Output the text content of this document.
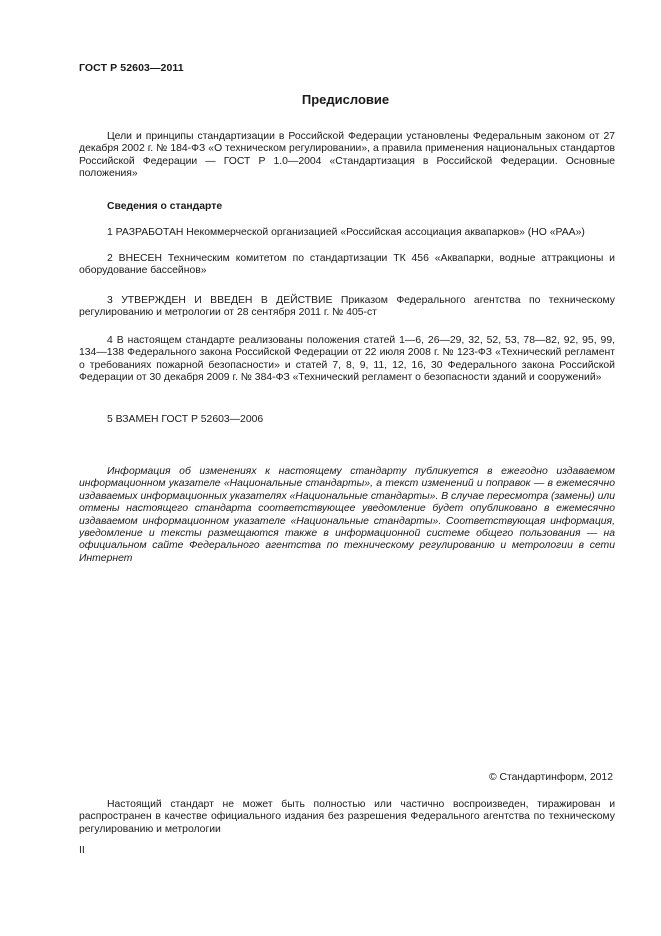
ГОСТ Р 52603—2011
Предисловие

Цели и принципы стандартизации в Российской Федерации установлены Федеральным законом от 27 декабря 2002 г. № 184-ФЗ «О техническом регулировании», а правила применения национальных стандартов Российской Федерации — ГОСТ Р 1.0—2004 «Стандартизация в Российской Федерации. Основные положения»

Сведения о стандарте

1 РАЗРАБОТАН Некоммерческой организацией «Российская ассоциация аквапарков» (НО «РАА»)

2 ВНЕСЕН Техническим комитетом по стандартизации ТК 456 «Аквапарки, водные аттракционы и оборудование бассейнов»

3 УТВЕРЖДЕН И ВВЕДЕН В ДЕЙСТВИЕ Приказом Федерального агентства по техническому регулированию и метрологии от 28 сентября 2011 г. № 405-ст

4 В настоящем стандарте реализованы положения статей 1—6, 26—29, 32, 52, 53, 78—82, 92, 95, 99, 134—138 Федерального закона Российской Федерации от 22 июля 2008 г. № 123-ФЗ «Технический регламент о требованиях пожарной безопасности» и статей 7, 8, 9, 11, 12, 16, 30 Федерального закона Российской Федерации от 30 декабря 2009 г. № 384-ФЗ «Технический регламент о безопасности зданий и сооружений»

5 ВЗАМЕН ГОСТ Р 52603—2006

Информация об изменениях к настоящему стандарту публикуется в ежегодно издаваемом информационном указателе «Национальные стандарты», а текст изменений и поправок — в ежемесячно издаваемых информационных указателях «Национальные стандарты». В случае пересмотра (замены) или отмены настоящего стандарта соответствующее уведомление будет опубликовано в ежемесячно издаваемом информационном указателе «Национальные стандарты». Соответствующая информация, уведомление и тексты размещаются также в информационной системе общего пользования — на официальном сайте Федерального агентства по техническому регулированию и метрологии в сети Интернет

© Стандартинформ, 2012

Настоящий стандарт не может быть полностью или частично воспроизведен, тиражирован и распространен в качестве официального издания без разрешения Федерального агентства по техническому регулированию и метрологии

II
